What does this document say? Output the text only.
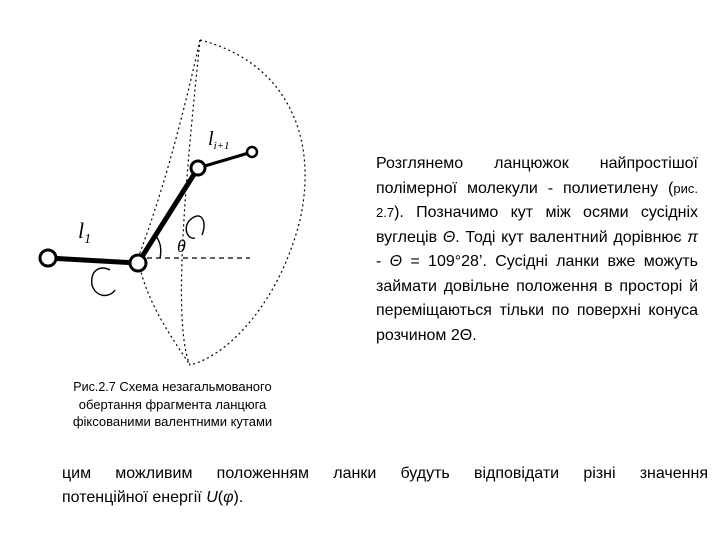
$l_1$
$l_{i+1}$
θ
Рис.2.7 Схема незагальмованого обертання фрагмента ланцюга фіксованими валентними кутами
Розглянемо ланцюжок найпростішої полімерної молекули - полиетилену (рис. 2.7). Позначимо кут між осями сусідніх вуглеців Θ. Тоді кут валентний дорівнює π - Θ = 109°28’. Сусідні ланки вже можуть займати довільне положення в просторі й переміщаються тільки по поверхні конуса розчином 2Θ.
цим можливим положенням ланки будуть відповідати різні значення
потенційної енергії U(φ).
